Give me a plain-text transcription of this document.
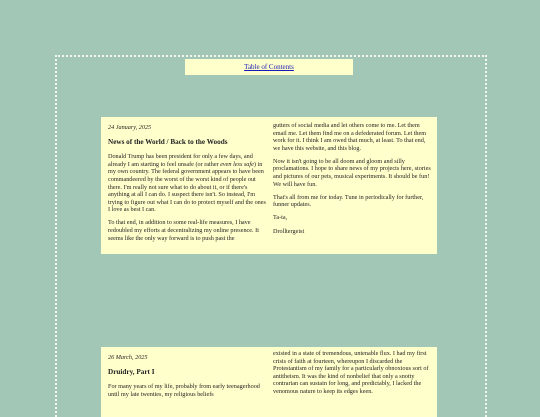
Table of Contents
24 January, 2025
News of the World / Back to the Woods

Donald Trump has been president for only a few days, and already I am starting to feel unsafe (or rather even less safe) in my own country. The federal government appears to have been commandeered by the worst of the worst kind of people out there. I'm really not sure what to do about it, or if there's anything at all I can do. I suspect there isn't. So instead, I'm trying to figure out what I can do to protect myself and the ones I love as best I can.

To that end, in addition to some real-life measures, I have redoubled my efforts at decentralizing my online presence. It seems like the only way forward is to push past the

gutters of social media and let others come to me. Let them email me. Let them find me on a defederated forum. Let them work for it. I think I am owed that much, at least. To that end, we have this website, and this blog.

Now it isn't going to be all doom and gloom and silly proclamations. I hope to share news of my projects here, stories and pictures of our pets, musical experiments. It should be fun! We will have fun.

That's all from me for today. Tune in periodically for further, funner updates.

Ta-ta,

Drolltergeist

26 March, 2025
Druidry, Part I

For many years of my life, probably from early teenagerhood until my late twenties, my religious beliefs

existed in a state of tremendous, untenable flux. I had my first crisis of faith at fourteen, whereupon I discarded the Protestantism of my family for a particularly obnoxious sort of antitheism. It was the kind of nonbelief that only a snotty contrarian can sustain for long, and predictably, I lacked the venomous nature to keep its edges keen.
